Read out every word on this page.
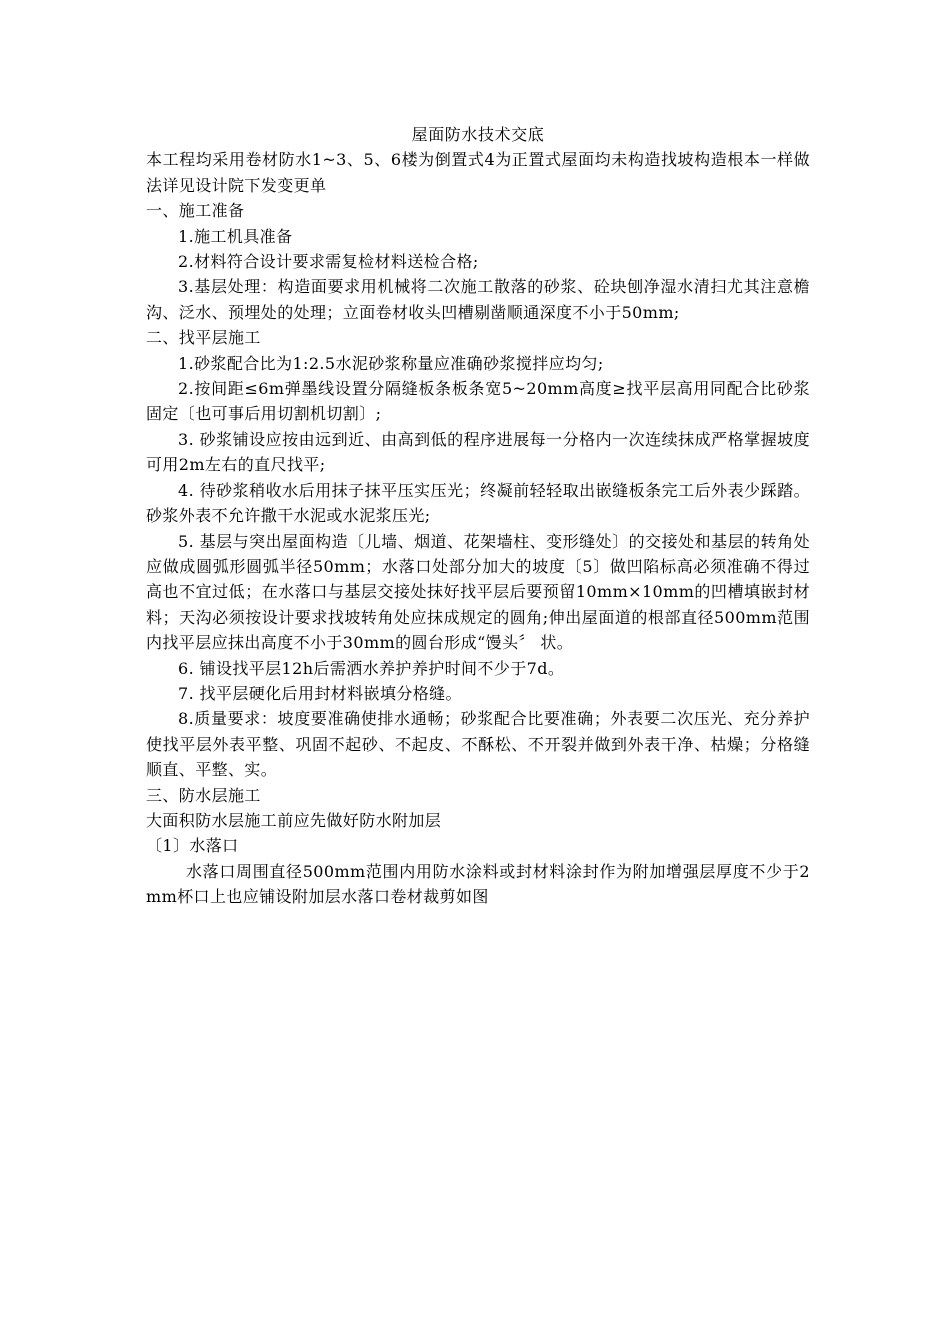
屋面防水技术交底

本工程均采用卷材防水1~3、5、6楼为倒置式4为正置式屋面均未构造找坡构造根本一样做法详见设计院下发变更单

一、施工准备

1.施工机具准备

2.材料符合设计要求需复检材料送检合格;

3.基层处理：构造面要求用机械将二次施工散落的砂浆、砼块刨净湿水清扫尤其注意檐沟、泛水、预埋处的处理；立面卷材收头凹槽剔凿顺通深度不小于50mm;

二、找平层施工

1.砂浆配合比为1:2.5水泥砂浆称量应准确砂浆搅拌应均匀;

2.按间距≤6m弹墨线设置分隔缝板条板条宽5~20mm高度≥找平层高用同配合比砂浆固定〔也可事后用切割机切割〕;

3. 砂浆铺设应按由远到近、由高到低的程序进展每一分格内一次连续抹成严格掌握坡度可用2m左右的直尺找平;

4. 待砂浆稍收水后用抹子抹平压实压光；终凝前轻轻取出嵌缝板条完工后外表少踩踏。砂浆外表不允许撒干水泥或水泥浆压光;

5. 基层与突出屋面构造〔儿墙、烟道、花架墙柱、变形缝处〕的交接处和基层的转角处应做成圆弧形圆弧半径50mm；水落口处部分加大的坡度〔5〕做凹陷标高必须准确不得过高也不宜过低；在水落口与基层交接处抹好找平层后要预留10mm×10mm的凹槽填嵌封材料；天沟必须按设计要求找坡转角处应抹成规定的圆角;伸出屋面道的根部直径500mm范围内找平层应抹出高度不小于30mm的圆台形成“馒头〞 状。

6. 铺设找平层12h后需洒水养护养护时间不少于7d。

7. 找平层硬化后用封材料嵌填分格缝。

8.质量要求：坡度要准确使排水通畅；砂浆配合比要准确；外表要二次压光、充分养护使找平层外表平整、巩固不起砂、不起皮、不酥松、不开裂并做到外表干净、枯燥；分格缝顺直、平整、实。

三、防水层施工

大面积防水层施工前应先做好防水附加层

〔1〕水落口

水落口周围直径500mm范围内用防水涂料或封材料涂封作为附加增强层厚度不少于2mm杯口上也应铺设附加层水落口卷材裁剪如图
